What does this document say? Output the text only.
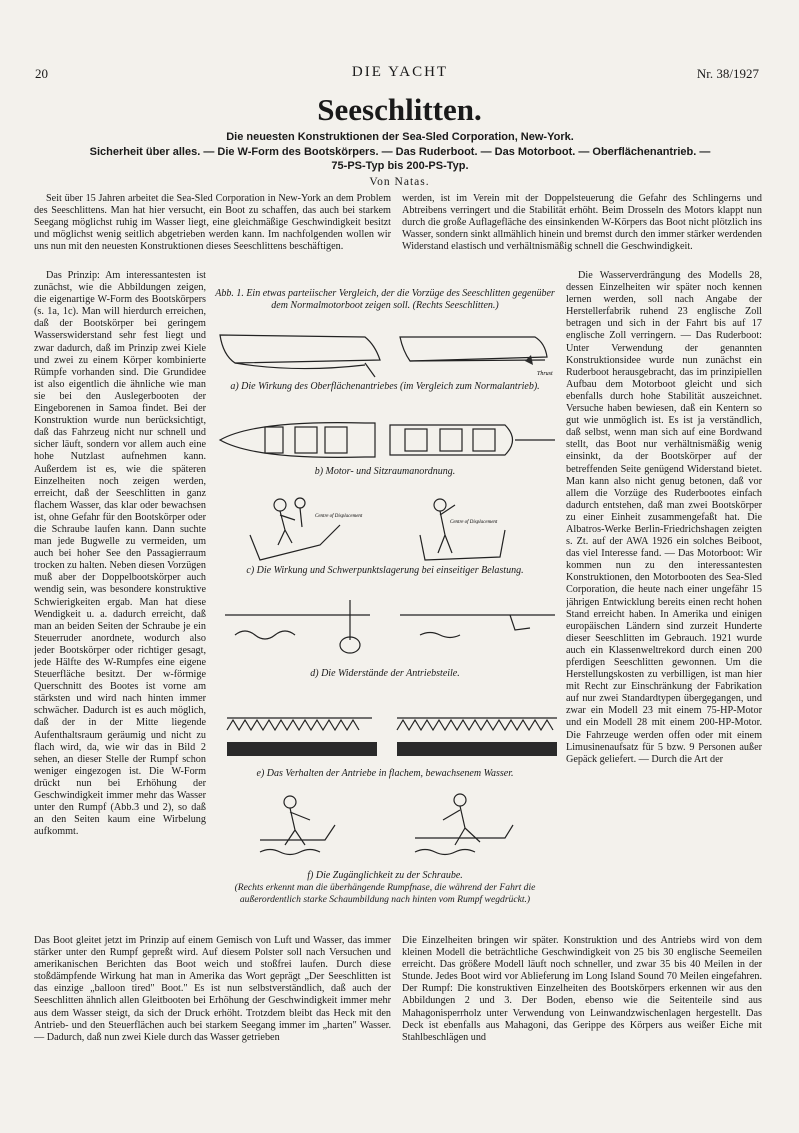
20	DIE YACHT	Nr. 38/1927
Seeschlitten.
Die neuesten Konstruktionen der Sea-Sled Corporation, New-York.
Sicherheit über alles. — Die W-Form des Bootskörpers. — Das Ruderboot. — Das Motorboot. — Oberflächenantrieb. —
75-PS-Typ bis 200-PS-Typ.
Von Natas.

Seit über 15 Jahren arbeitet die Sea-Sled Corporation in New-York an dem Problem des Seeschlittens. Man hat hier versucht, ein Boot zu schaffen, das auch bei starkem Seegang möglichst ruhig im Wasser liegt, eine gleichmäßige Geschwindigkeit besitzt und möglichst wenig seitlich abgetrieben werden kann. Im nachfolgenden wollen wir uns nun mit den neuesten Konstruktionen dieses Seeschlittens beschäftigen.

werden, ist im Verein mit der Doppelsteuerung die Gefahr des Schlingerns und Abtreibens verringert und die Stabilität erhöht. Beim Drosseln des Motors klappt nun durch die große Auflagefläche des einsinkenden W-Körpers das Boot nicht plötzlich ins Wasser, sondern sinkt allmählich hinein und bremst durch den immer stärker werdenden Widerstand elastisch und verhältnismäßig schnell die Geschwindigkeit.

Das Prinzip: Am interessantesten ist zunächst, wie die Abbildungen zeigen, die eigenartige W-Form des Bootskörpers (s. 1a, 1c). Man will hierdurch erreichen, daß der Bootskörper bei geringem Wasserswiderstand sehr fest liegt und zwar dadurch, daß im Prinzip zwei Kiele und zwei zu einem Körper kombinierte Rümpfe vorhanden sind. Die Grundidee ist also eigentlich die ähnliche wie man sie bei den Auslegerbooten der Eingeborenen in Samoa findet. Bei der Konstruktion wurde nun berücksichtigt, daß das Fahrzeug nicht nur schnell und sicher läuft, sondern vor allem auch eine hohe Nutzlast aufnehmen kann. Außerdem ist es, wie die späteren Einzelheiten noch zeigen werden, erreicht, daß der Seeschlitten in ganz flachem Wasser, das klar oder bewachsen ist, ohne Gefahr für den Bootskörper oder die Schraube laufen kann. Dann suchte man jede Bugwelle zu vermeiden, um auch bei hoher See den Passagierraum trocken zu halten. Neben diesen Vorzügen muß aber der Doppelbootskörper auch wendig sein, was besondere konstruktive Schwierigkeiten ergab. Man hat diese Wendigkeit u. a. dadurch erreicht, daß man an beiden Seiten der Schraube je ein Steuerruder anordnete, wodurch also jeder Bootskörper oder richtiger gesagt, jede Hälfte des W-Rumpfes eine eigene Steuerfläche besitzt. Der w-förmige Querschnitt des Bootes ist vorne am stärksten und wird nach hinten immer schwächer. Dadurch ist es auch möglich, daß der in der Mitte liegende Aufenthaltsraum geräumig und nicht zu flach wird, da, wie wir das in Bild 2 sehen, an dieser Stelle der Rumpf schon weniger eingezogen ist. Die W-Form drückt nun bei Erhöhung der Geschwindigkeit immer mehr das Wasser unter den Rumpf (Abb.3 und 2), so daß an den Seiten kaum eine Wirbelung aufkommt.

Die Wasserverdrängung des Modells 28, dessen Einzelheiten wir später noch kennen lernen werden, soll nach Angabe der Herstellerfabrik ruhend 23 englische Zoll betragen und sich in der Fahrt bis auf 17 englische Zoll verringern. — Das Ruderboot: Unter Verwendung der genannten Konstruktionsidee wurde nun zunächst ein Ruderboot herausgebracht, das im prinzipiellen Aufbau dem Motorboot gleicht und sich ebenfalls durch hohe Stabilität auszeichnet. Versuche haben bewiesen, daß ein Kentern so gut wie unmöglich ist. Es ist ja verständlich, daß selbst, wenn man sich auf eine Bordwand stellt, das Boot nur verhältnismäßig wenig einsinkt, da der Bootskörper auf der betreffenden Seite genügend Widerstand bietet. Man kann also nicht genug betonen, daß vor allem die Vorzüge des Ruderbootes einfach dadurch entstehen, daß man zwei Bootskörper zu einer Einheit zusammengefaßt hat. Die Albatros-Werke Berlin-Friedrichshagen zeigten s. Zt. auf der AWA 1926 ein solches Beiboot, das viel Interesse fand. — Das Motorboot: Wir kommen nun zu den interessantesten Konstruktionen, den Motorbooten des Sea-Sled Corporation, die heute nach einer ungefähr 15 jährigen Entwicklung bereits einen recht hohen Stand erreicht haben. In Amerika und einigen europäischen Ländern sind zurzeit Hunderte dieser Seeschlitten im Gebrauch. 1921 wurde auch ein Klassenweltrekord durch einen 200 pferdigen Seeschlitten gewonnen. Um die Herstellungskosten zu verbilligen, ist man hier mit Recht zur Einschränkung der Fabrikation auf nur zwei Standardtypen übergegangen, und zwar ein Modell 23 mit einem 75-HP-Motor und ein Modell 28 mit einem 200-HP-Motor. Die Fahrzeuge werden offen oder mit einem Limusinenaufsatz für 5 bzw. 9 Personen außer Gepäck geliefert. — Durch die Art der

Das Boot gleitet jetzt im Prinzip auf einem Gemisch von Luft und Wasser, das immer stärker unter den Rumpf gepreßt wird. Auf diesem Polster soll nach Versuchen und amerikanischen Berichten das Boot weich und stoßfrei laufen. Durch diese stoßdämpfende Wirkung hat man in Amerika das Wort geprägt „Der Seeschlitten ist das einzige „balloon tired" Boot." Es ist nun selbstverständlich, daß auch der Seeschlitten ähnlich allen Gleitbooten bei Erhöhung der Geschwindigkeit immer mehr aus dem Wasser steigt, da sich der Druck erhöht. Trotzdem bleibt das Heck mit den Antrieb- und den Steuerflächen auch bei starkem Seegang immer im „harten" Wasser. — Dadurch, daß nun zwei Kiele durch das Wasser getrieben

Die Einzelheiten bringen wir später. Konstruktion und des Antriebs wird von dem kleinen Modell die beträchtliche Geschwindigkeit von 25 bis 30 englische Seemeilen erreicht. Das größere Modell läuft noch schneller, und zwar 35 bis 40 Meilen in der Stunde. Jedes Boot wird vor Ablieferung im Long Island Sound 70 Meilen eingefahren. Der Rumpf: Die konstruktiven Einzelheiten des Bootskörpers erkennen wir aus den Abbildungen 2 und 3. Der Boden, ebenso wie die Seitenteile sind aus Mahagonisperrholz unter Verwendung von Leinwandzwischenlagen hergestellt. Das Deck ist ebenfalls aus Mahagoni, das Gerippe des Körpers aus weißer Eiche mit Stahlbeschlägen und

Abb. 1. Ein etwas parteiischer Vergleich, der die Vorzüge des Seeschlitten gegenüber dem Normalmotorboot zeigen soll. (Rechts Seeschlitten.)
Thrust
a) Die Wirkung des Oberflächenantriebes (im Vergleich zum Normalantrieb).
b) Motor- und Sitzraumanordnung.
Centre of Displacement
Centre of Displacement
c) Die Wirkung und Schwerpunktslagerung bei einseitiger Belastung.
d) Die Widerstände der Antriebsteile.
e) Das Verhalten der Antriebe in flachem, bewachsenem Wasser.
f) Die Zugänglichkeit zu der Schraube.
(Rechts erkennt man die überhängende Rumpfnase, die während der Fahrt die außerordentlich starke Schaumbildung nach hinten vom Rumpf wegdrückt.)
